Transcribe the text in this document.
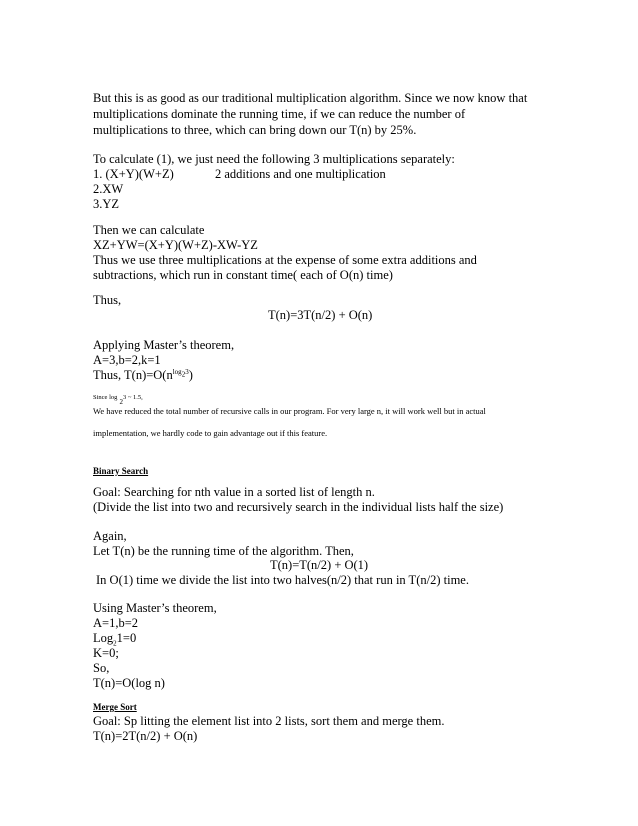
But this is as good as our traditional multiplication algorithm. Since we now know that
multiplications dominate the running time, if we can reduce the number of
multiplications to three, which can bring down our T(n) by 25%.
To calculate (1), we just need the following 3 multiplications separately:
1. (X+Y)(W+Z)	2 additions and one multiplication
2.XW
3.YZ
Then we can calculate
XZ+YW=(X+Y)(W+Z)-XW-YZ
Thus we use three multiplications at the expense of some extra additions and
subtractions, which run in constant time( each of O(n) time)
Thus,
T(n)=3T(n/2) + O(n)
Applying Master’s theorem,
A=3,b=2,k=1
Thus, $T(n)=O(n^{log_23})$
Since log $_2$3 ~ 1.5,
We have reduced the total number of recursive calls in our program. For very large n, it will work well but in actual
implementation, we hardly code to gain advantage out if this feature.
Binary Search
Goal: Searching for nth value in a sorted list of length n.
(Divide the list into two and recursively search in the individual lists half the size)
Again,
Let T(n) be the running time of the algorithm. Then,
T(n)=T(n/2) + O(1)
In O(1) time we divide the list into two halves(n/2) that run in T(n/2) time.
Using Master’s theorem,
A=1,b=2
Log$_2$1=0
K=0;
So,
T(n)=O(log n)
Merge Sort
Goal: Sp litting the element list into 2 lists, sort them and merge them.
T(n)=2T(n/2) + O(n)
